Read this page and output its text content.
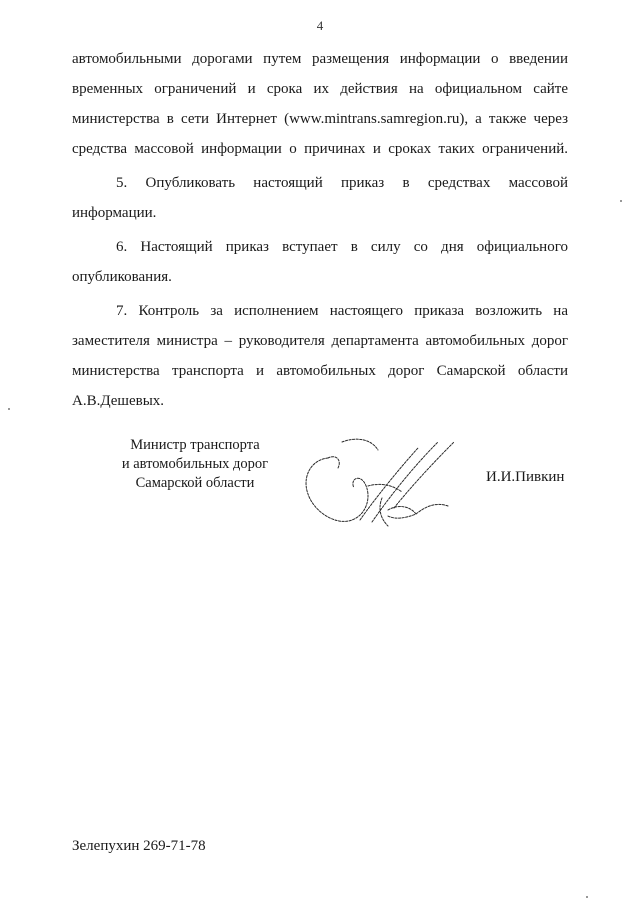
4
автомобильными дорогами путем размещения информации о введении
временных ограничений и срока их действия на официальном сайте
министерства в сети Интернет (www.mintrans.samregion.ru), а также через
средства массовой информации о причинах и сроках таких ограничений.
5. Опубликовать настоящий приказ в средствах массовой
информации.
6. Настоящий приказ вступает в силу со дня официального
опубликования.
7. Контроль за исполнением настоящего приказа возложить на
заместителя министра – руководителя департамента автомобильных дорог
министерства транспорта и автомобильных дорог Самарской области
А.В.Дешевых.
Министр транспорта
и автомобильных дорог
Самарской области	И.И.Пивкин
Зелепухин 269-71-78
